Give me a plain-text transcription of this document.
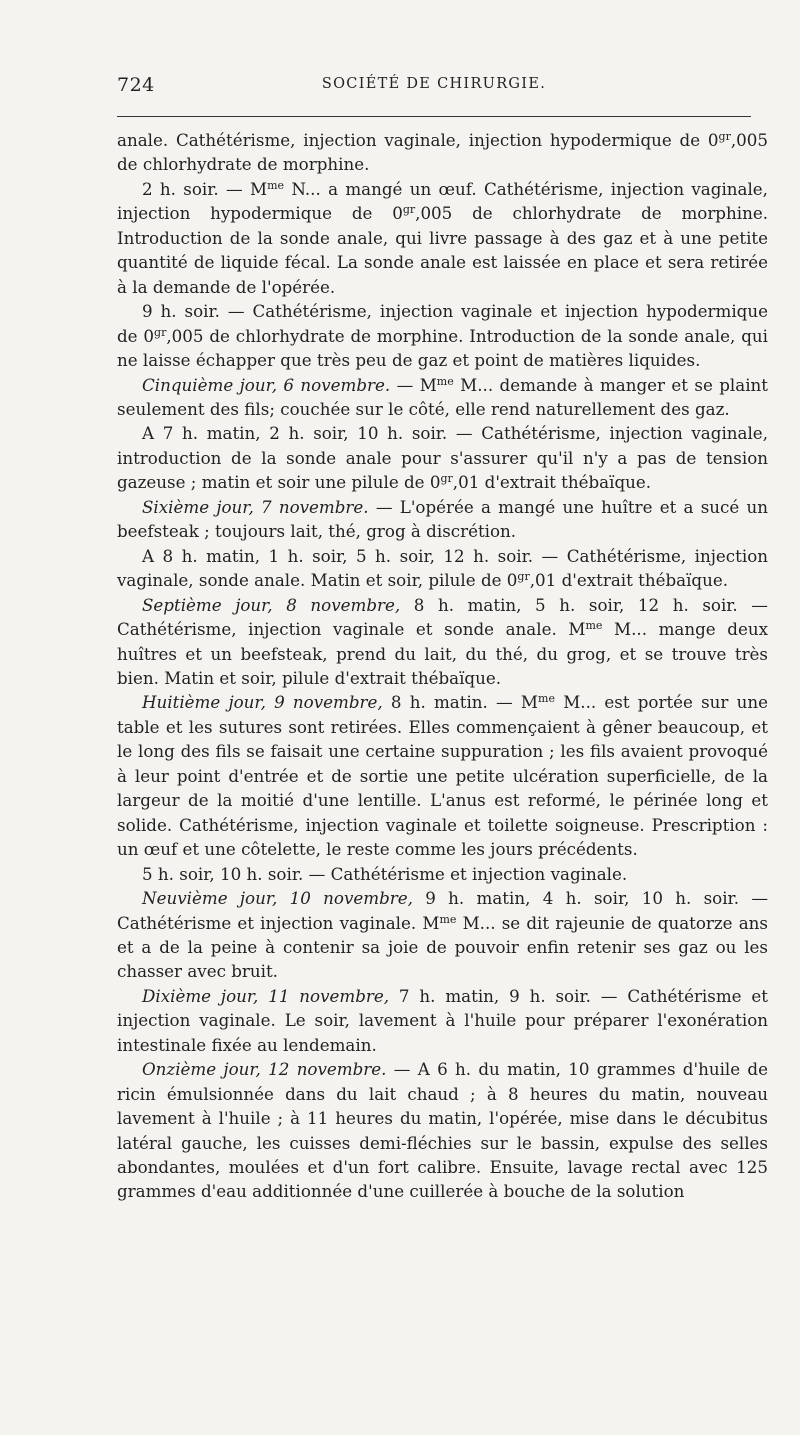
724	SOCIÉTÉ DE CHIRURGIE.

anale. Cathétérisme, injection vaginale, injection hypodermique de $0^{gr},005$ de chlorhydrate de morphine.

2 h. soir. — $M^{me}$ N... a mangé un œuf. Cathétérisme, injection vaginale, injection hypodermique de $0^{gr},005$ de chlorhydrate de morphine. Introduction de la sonde anale, qui livre passage à des gaz et à une petite quantité de liquide fécal. La sonde anale est laissée en place et sera retirée à la demande de l'opérée.

9 h. soir. — Cathétérisme, injection vaginale et injection hypodermique de $0^{gr},005$ de chlorhydrate de morphine. Introduction de la sonde anale, qui ne laisse échapper que très peu de gaz et point de matières liquides.

Cinquième jour, 6 novembre. — $M^{me}$ M... demande à manger et se plaint seulement des fils; couchée sur le côté, elle rend naturellement des gaz.

A 7 h. matin, 2 h. soir, 10 h. soir. — Cathétérisme, injection vaginale, introduction de la sonde anale pour s'assurer qu'il n'y a pas de tension gazeuse ; matin et soir une pilule de $0^{gr},01$ d'extrait thébaïque.

Sixième jour, 7 novembre. — L'opérée a mangé une huître et a sucé un beefsteak ; toujours lait, thé, grog à discrétion.

A 8 h. matin, 1 h. soir, 5 h. soir, 12 h. soir. — Cathétérisme, injection vaginale, sonde anale. Matin et soir, pilule de $0^{gr},01$ d'extrait thébaïque.

Septième jour, 8 novembre, 8 h. matin, 5 h. soir, 12 h. soir. — Cathétérisme, injection vaginale et sonde anale. $M^{me}$ M... mange deux huîtres et un beefsteak, prend du lait, du thé, du grog, et se trouve très bien. Matin et soir, pilule d'extrait thébaïque.

Huitième jour, 9 novembre, 8 h. matin. — $M^{me}$ M... est portée sur une table et les sutures sont retirées. Elles commençaient à gêner beaucoup, et le long des fils se faisait une certaine suppuration ; les fils avaient provoqué à leur point d'entrée et de sortie une petite ulcération superficielle, de la largeur de la moitié d'une lentille. L'anus est reformé, le périnée long et solide. Cathétérisme, injection vaginale et toilette soigneuse. Prescription : un œuf et une côtelette, le reste comme les jours précédents.

5 h. soir, 10 h. soir. — Cathétérisme et injection vaginale.

Neuvième jour, 10 novembre, 9 h. matin, 4 h. soir, 10 h. soir. — Cathétérisme et injection vaginale. $M^{me}$ M... se dit rajeunie de quatorze ans et a de la peine à contenir sa joie de pouvoir enfin retenir ses gaz ou les chasser avec bruit.

Dixième jour, 11 novembre, 7 h. matin, 9 h. soir. — Cathétérisme et injection vaginale. Le soir, lavement à l'huile pour préparer l'exonération intestinale fixée au lendemain.

Onzième jour, 12 novembre. — A 6 h. du matin, 10 grammes d'huile de ricin émulsionnée dans du lait chaud ; à 8 heures du matin, nouveau lavement à l'huile ; à 11 heures du matin, l'opérée, mise dans le décubitus latéral gauche, les cuisses demi-fléchies sur le bassin, expulse des selles abondantes, moulées et d'un fort calibre. Ensuite, lavage rectal avec 125 grammes d'eau additionnée d'une cuillerée à bouche de la solution
